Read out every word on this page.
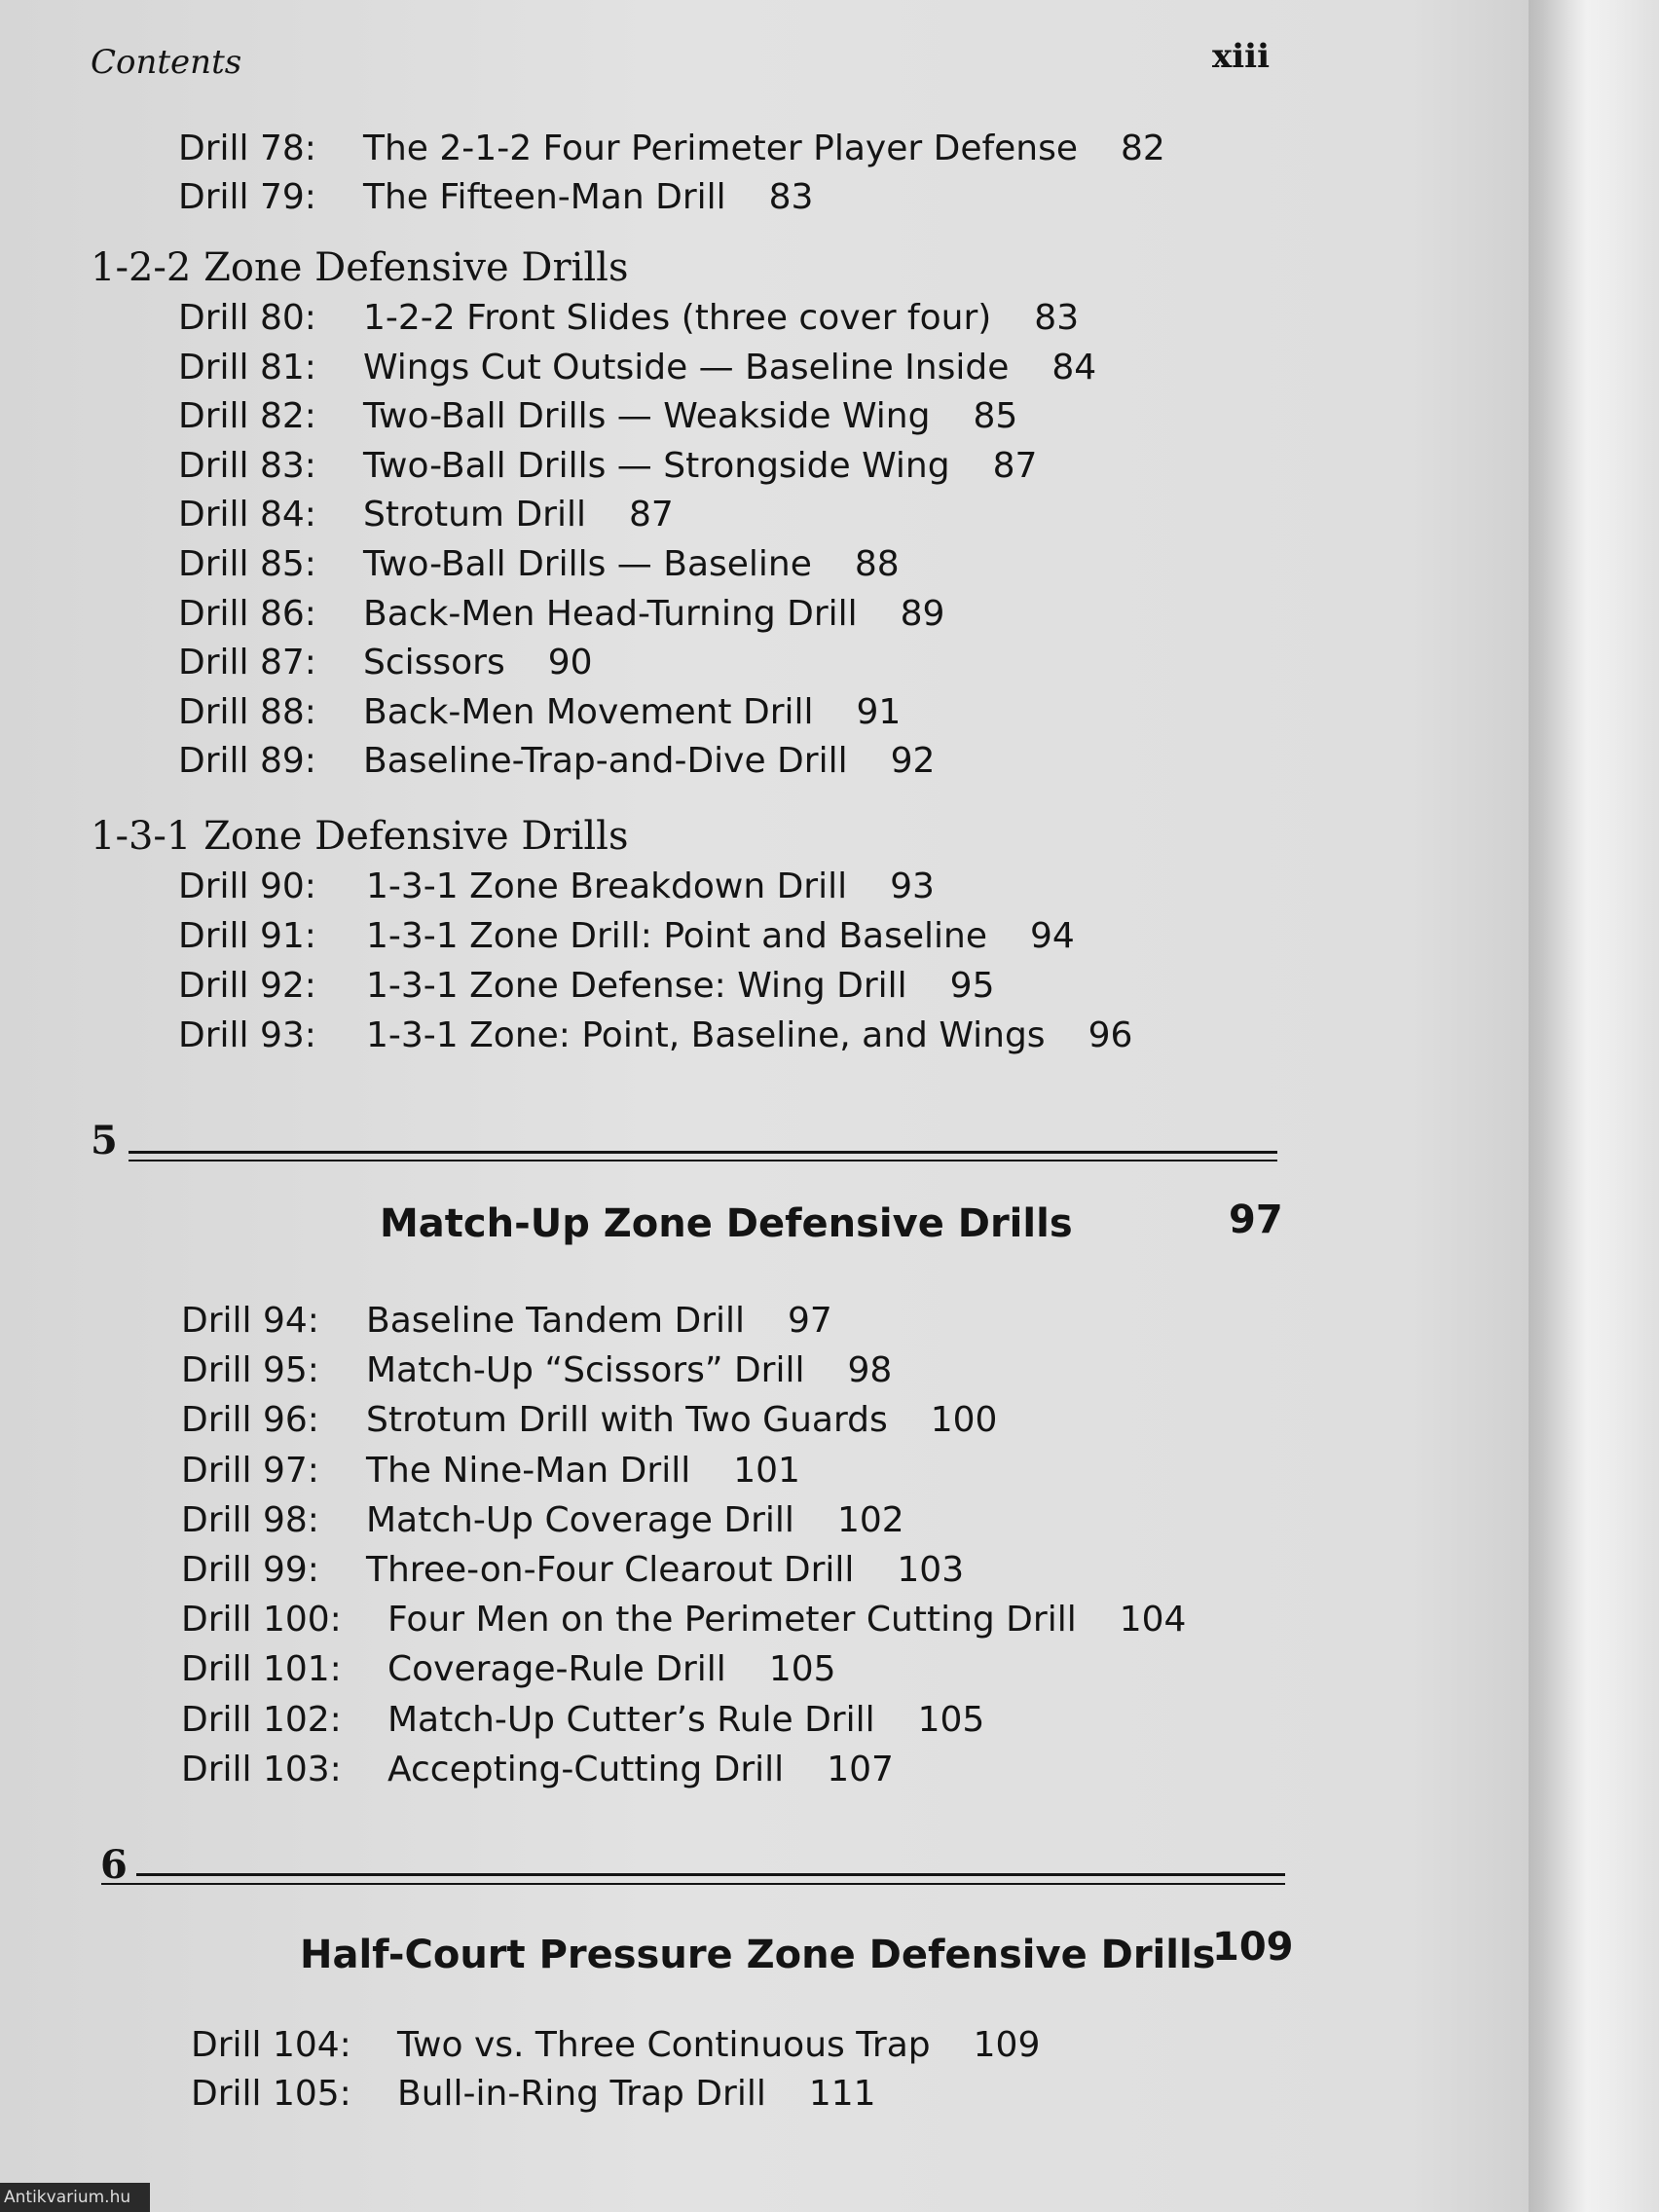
Contents	xiii
Drill 78: The 2-1-2 Four Perimeter Player Defense 82
Drill 79: The Fifteen-Man Drill 83
1-2-2 Zone Defensive Drills
Drill 80: 1-2-2 Front Slides (three cover four) 83
Drill 81: Wings Cut Outside — Baseline Inside 84
Drill 82: Two-Ball Drills — Weakside Wing 85
Drill 83: Two-Ball Drills — Strongside Wing 87
Drill 84: Strotum Drill 87
Drill 85: Two-Ball Drills — Baseline 88
Drill 86: Back-Men Head-Turning Drill 89
Drill 87: Scissors 90
Drill 88: Back-Men Movement Drill 91
Drill 89: Baseline-Trap-and-Dive Drill 92
1-3-1 Zone Defensive Drills
Drill 90: 1-3-1 Zone Breakdown Drill 93
Drill 91: 1-3-1 Zone Drill: Point and Baseline 94
Drill 92: 1-3-1 Zone Defense: Wing Drill 95
Drill 93: 1-3-1 Zone: Point, Baseline, and Wings 96
5
Match-Up Zone Defensive Drills	97
Drill 94: Baseline Tandem Drill 97
Drill 95: Match-Up “Scissors” Drill 98
Drill 96: Strotum Drill with Two Guards 100
Drill 97: The Nine-Man Drill 101
Drill 98: Match-Up Coverage Drill 102
Drill 99: Three-on-Four Clearout Drill 103
Drill 100: Four Men on the Perimeter Cutting Drill 104
Drill 101: Coverage-Rule Drill 105
Drill 102: Match-Up Cutter’s Rule Drill 105
Drill 103: Accepting-Cutting Drill 107
6
Half-Court Pressure Zone Defensive Drills
109
Drill 104: Two vs. Three Continuous Trap 109
Drill 105: Bull-in-Ring Trap Drill 111
Antikvarium.hu
